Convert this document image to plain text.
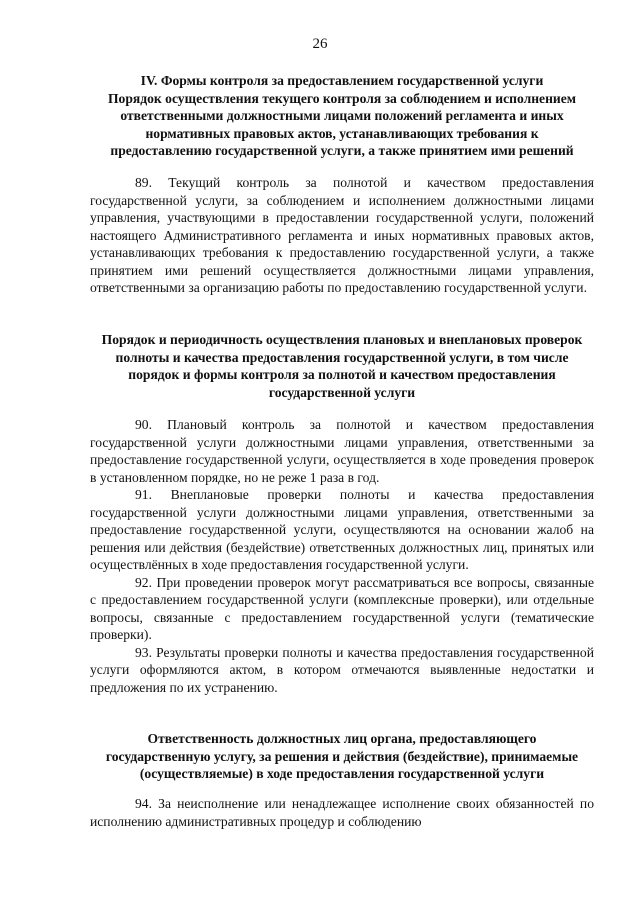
26
IV. Формы контроля за предоставлением государственной услуги
Порядок осуществления текущего контроля за соблюдением и исполнением
ответственными должностными лицами положений регламента и иных
нормативных правовых актов, устанавливающих требования к
предоставлению государственной услуги, а также принятием ими решений

89. Текущий контроль за полнотой и качеством предоставления государственной услуги, за соблюдением и исполнением должностными лицами управления, участвующими в предоставлении государственной услуги, положений настоящего Административного регламента и иных нормативных правовых актов, устанавливающих требования к предоставлению государственной услуги, а также принятием ими решений осуществляется должностными лицами управления, ответственными за организацию работы по предоставлению государственной услуги.

Порядок и периодичность осуществления плановых и внеплановых проверок
полноты и качества предоставления государственной услуги, в том числе
порядок и формы контроля за полнотой и качеством предоставления
государственной услуги

90. Плановый контроль за полнотой и качеством предоставления государственной услуги должностными лицами управления, ответственными за предоставление государственной услуги, осуществляется в ходе проведения проверок в установленном порядке, но не реже 1 раза в год.

91. Внеплановые проверки полноты и качества предоставления государственной услуги должностными лицами управления, ответственными за предоставление государственной услуги, осуществляются на основании жалоб на решения или действия (бездействие) ответственных должностных лиц, принятых или осуществлённых в ходе предоставления государственной услуги.

92. При проведении проверок могут рассматриваться все вопросы, связанные с предоставлением государственной услуги (комплексные проверки), или отдельные вопросы, связанные с предоставлением государственной услуги (тематические проверки).

93. Результаты проверки полноты и качества предоставления государственной услуги оформляются актом, в котором отмечаются выявленные недостатки и предложения по их устранению.

Ответственность должностных лиц органа, предоставляющего
государственную услугу, за решения и действия (бездействие), принимаемые
(осуществляемые) в ходе предоставления государственной услуги

94. За неисполнение или ненадлежащее исполнение своих обязанностей по исполнению административных процедур и соблюдению
